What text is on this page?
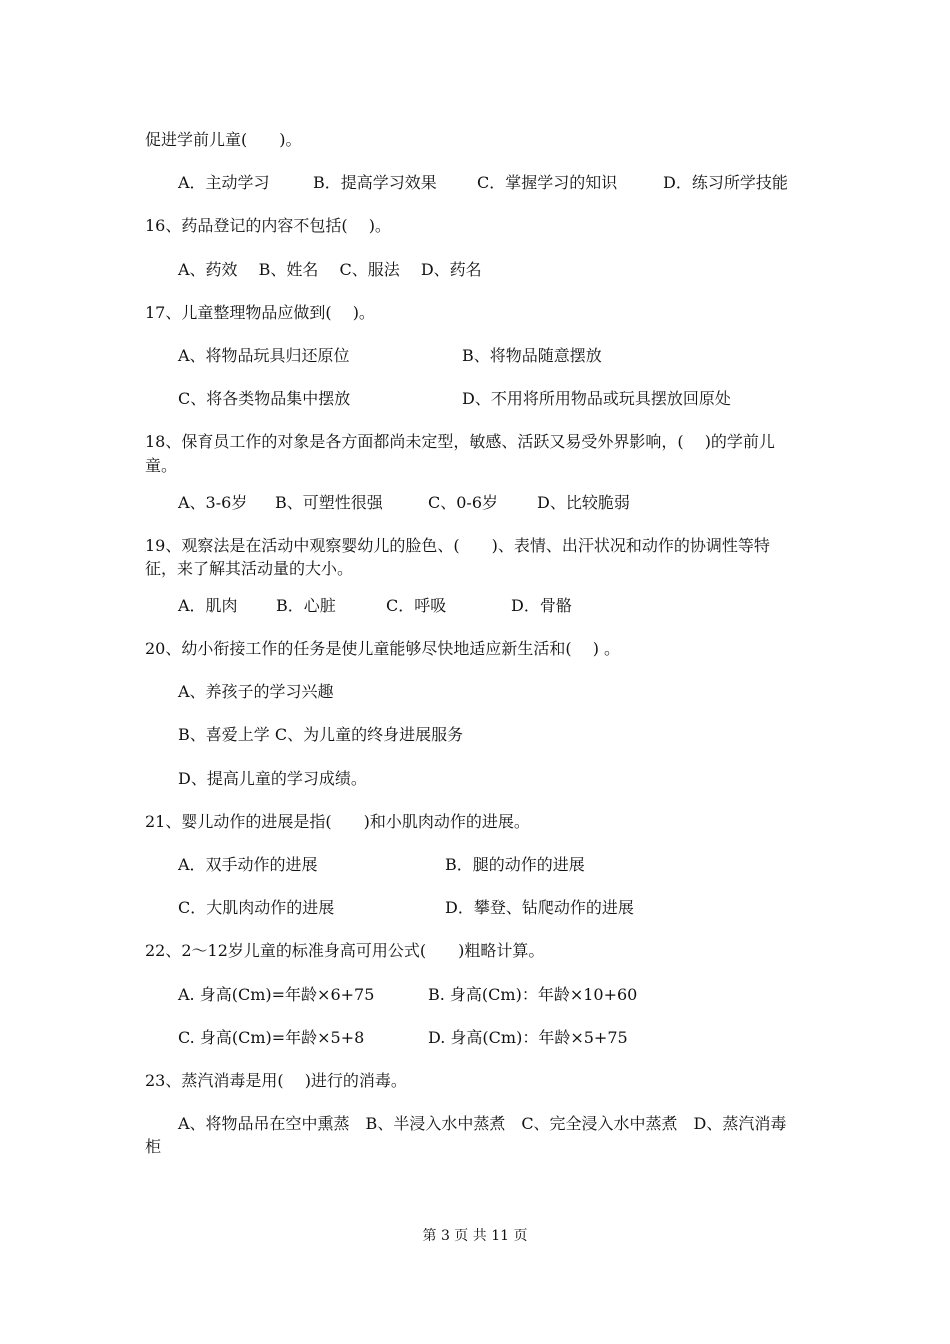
促进学前儿童(　　)。
A．主动学习	B．提高学习效果	C．掌握学习的知识	D．练习所学技能
16、药品登记的内容不包括(　 )。
A、药效　 B、姓名　 C、服法　 D、药名
17、儿童整理物品应做到(　 )。
A、将物品玩具归还原位	B、将物品随意摆放
C、将各类物品集中摆放	D、不用将所用物品或玩具摆放回原处
18、保育员工作的对象是各方面都尚未定型，敏感、活跃又易受外界影响，(　 )的学前儿
童。
A、3-6岁 B、可塑性很强	C、0-6岁 D、比较脆弱
19、观察法是在活动中观察婴幼儿的脸色、(　　)、表情、出汗状况和动作的协调性等特
征，来了解其活动量的大小。
A．肌肉 B．心脏	C．呼吸	D．骨骼
20、幼小衔接工作的任务是使儿童能够尽快地适应新生活和(　 ) 。
A、养孩子的学习兴趣
B、喜爱上学 C、为儿童的终身进展服务
D、提高儿童的学习成绩。
21、婴儿动作的进展是指(　　)和小肌肉动作的进展。
A．双手动作的进展	B．腿的动作的进展
C．大肌肉动作的进展	D．攀登、钻爬动作的进展
22、2～12岁儿童的标准身高可用公式(　　)粗略计算。
A. 身高(Cm)=年龄×6+75	B. 身高(Cm)：年龄×10+60
C. 身高(Cm)=年龄×5+8	D. 身高(Cm)：年龄×5+75
23、蒸汽消毒是用(　 )进行的消毒。
A、将物品吊在空中熏蒸　B、半浸入水中蒸煮　C、完全浸入水中蒸煮　D、蒸汽消毒
柜
第 3 页 共 11 页
